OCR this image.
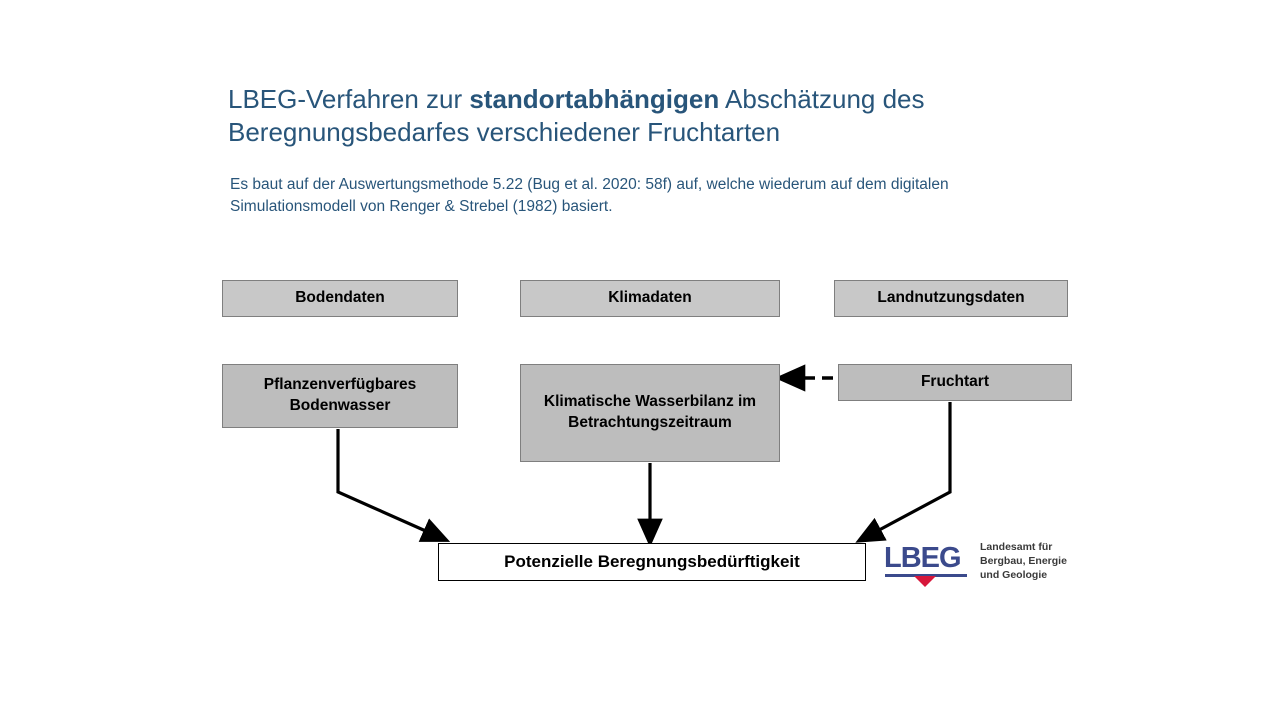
LBEG-Verfahren zur standortabhängigen Abschätzung des Beregnungsbedarfes verschiedener Fruchtarten
Es baut auf der Auswertungsmethode 5.22 (Bug et al. 2020: 58f) auf, welche wiederum auf dem digitalen Simulationsmodell von Renger & Strebel (1982) basiert.
Bodendaten	Klimadaten	Landnutzungsdaten
Pflanzenverfügbares Bodenwasser	Klimatische Wasserbilanz im Betrachtungszeitraum
Fruchtart
Potenzielle Beregnungsbedürftigkeit	LBEG Landesamt für
Bergbau, Energie
und Geologie
